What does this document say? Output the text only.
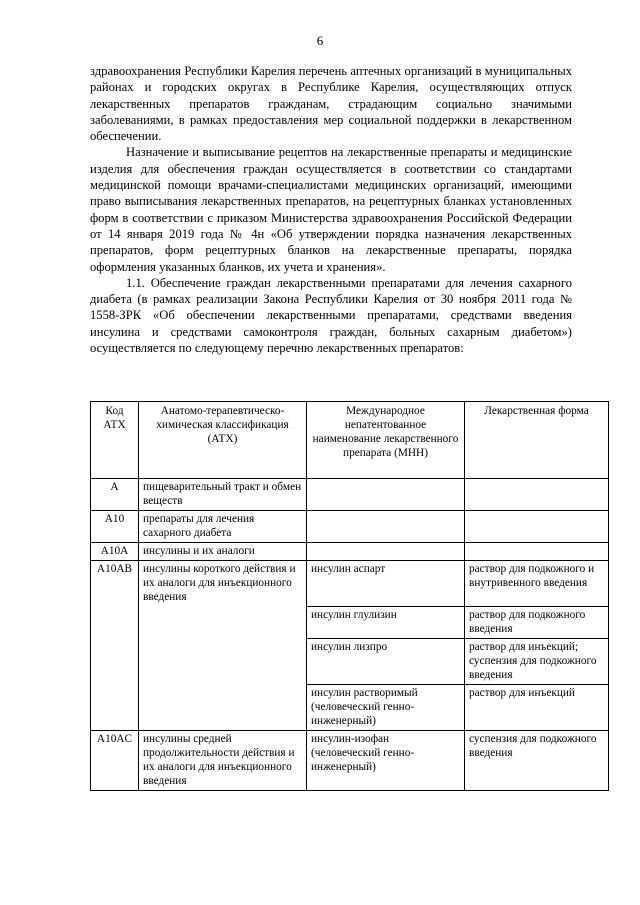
6

здравоохранения Республики Карелия перечень аптечных организаций в муниципальных районах и городских округах в Республике Карелия, осуществляющих отпуск лекарственных препаратов гражданам, страдающим социально значимыми заболеваниями, в рамках предоставления мер социальной поддержки в лекарственном обеспечении.

Назначение и выписывание рецептов на лекарственные препараты и медицинские изделия для обеспечения граждан осуществляется в соответствии со стандартами медицинской помощи врачами-специалистами медицинских организаций, имеющими право выписывания лекарственных препаратов, на рецептурных бланках установленных форм в соответствии с приказом Министерства здравоохранения Российской Федерации от 14 января 2019 года № 4н «Об утверждении порядка назначения лекарственных препаратов, форм рецептурных бланков на лекарственные препараты, порядка оформления указанных бланков, их учета и хранения».

1.1. Обеспечение граждан лекарственными препаратами для лечения сахарного диабета (в рамках реализации Закона Республики Карелия от 30 ноября 2011 года № 1558-ЗРК «Об обеспечении лекарственными препаратами, средствами введения инсулина и средствами самоконтроля граждан, больных сахарным диабетом») осуществляется по следующему перечню лекарственных препаратов:

Код АТХ	Анатомо-терапевтическо-химическая классификация (АТХ)	Международное непатентованное наименование лекарственного препарата (МНН)	Лекарственная форма
A	пищеварительный тракт и обмен веществ		
A10	препараты для лечения сахарного диабета		
A10A	инсулины и их аналоги		
A10AB	инсулины короткого действия и их аналоги для инъекционного введения	инсулин аспарт	раствор для подкожного и внутривенного введения
		инсулин глулизин	раствор для подкожного введения
		инсулин лизпро	раствор для инъекций; суспензия для подкожного введения
		инсулин растворимый (человеческий генно-инженерный)	раствор для инъекций
A10AC	инсулины средней продолжительности действия и их аналоги для инъекционного введения	инсулин-изофан (человеческий генно-инженерный)	суспензия для подкожного введения
